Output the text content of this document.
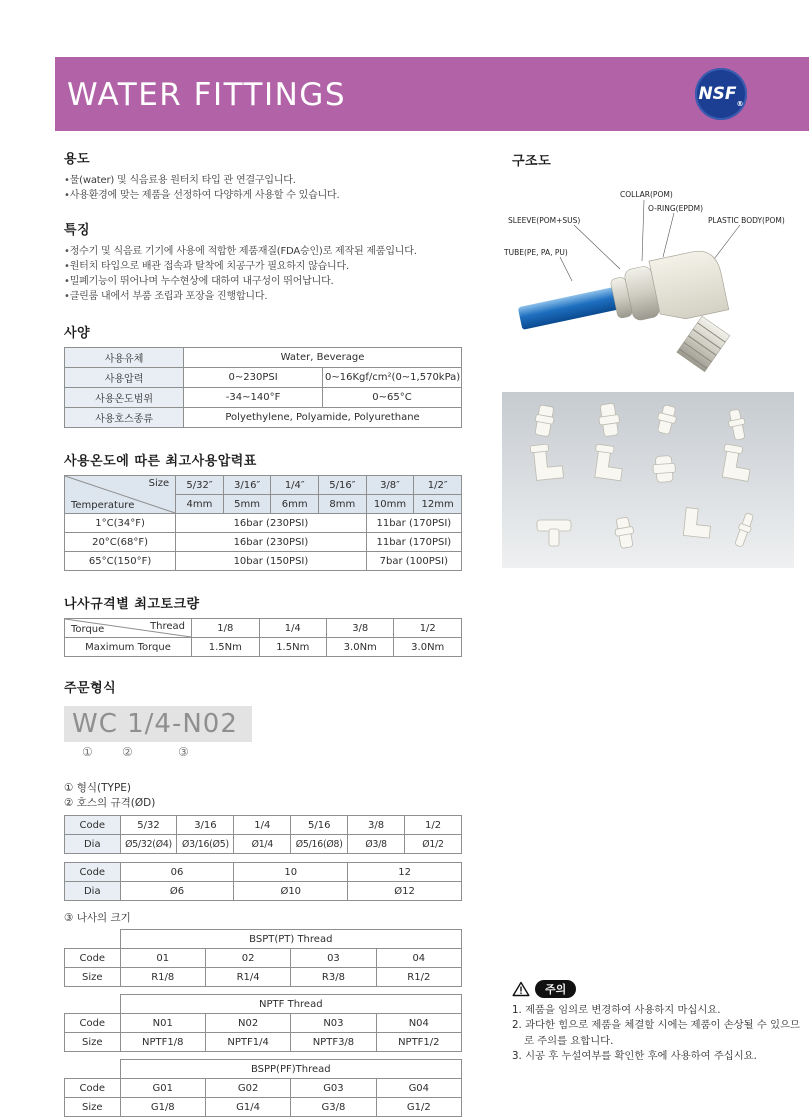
WATER FITTINGS	NSF ®
용도
• 물(water) 및 식음료용 원터치 타입 관 연결구입니다.
• 사용환경에 맞는 제품을 선정하여 다양하게 사용할 수 있습니다.
특징
• 정수기 및 식음료 기기에 사용에 적합한 제품재질(FDA승인)로 제작된 제품입니다.
• 원터치 타입으로 배관 접속과 탈착에 치공구가 필요하지 않습니다.
• 밀폐기능이 뛰어나며 누수현상에 대하여 내구성이 뛰어납니다.
• 클린룸 내에서 부품 조립과 포장을 진행합니다.
사양
사용유체	Water, Beverage	
사용압력	0~230PSI	0~16Kgf/cm²(0~1,570kPa)
사용온도범위	-34~140°F	0~65°C
사용호스종류	Polyethylene, Polyamide, Polyurethane	
사용온도에 따른 최고사용압력표
Size
Temperature	5/32″	3/16″	1/4″	5/16″	3/8″	1/2″
	4mm	5mm	6mm	8mm	10mm	12mm
1°C(34°F)	16bar (230PSI)				11bar (170PSI)	
20°C(68°F)	16bar (230PSI)				11bar (170PSI)	
65°C(150°F)	10bar (150PSI)				7bar (100PSI)	
나사규격별 최고토크량
Thread
Torque	1/8	1/4	3/8	1/2
Maximum Torque	1.5Nm	1.5Nm	3.0Nm	3.0Nm
주문형식
WC 1/4-N02
① ②	③
① 형식(TYPE)
② 호스의 규격(ØD)
Code	5/32	3/16	1/4	5/16	3/8	1/2
Dia	Ø5/32(Ø4)	Ø3/16(Ø5)	Ø1/4	Ø5/16(Ø8)	Ø3/8	Ø1/2
Code	06	10	12
Dia	Ø6	Ø10	Ø12
③ 나사의 크기
	BSPT(PT) Thread			
Code	01	02	03	04
Size	R1/8	R1/4	R3/8	R1/2
	NPTF Thread			
Code	N01	N02	N03	N04
Size	NPTF1/8	NPTF1/4	NPTF3/8	NPTF1/2
	BSPP(PF)Thread			
Code	G01	G02	G03	G04
Size	G1/8	G1/4	G3/8	G1/2
구조도
COLLAR(POM)
O-RING(EPDM)
SLEEVE(POM+SUS)	PLASTIC BODY(POM)
TUBE(PE, PA, PU)
주의
1. 제품을 임의로 변경하여 사용하지 마십시요.
2. 과다한 힘으로 제품을 체결할 시에는 제품이 손상될 수 있으므로 주의를 요합니다.
3. 시공 후 누설여부를 확인한 후에 사용하여 주십시요.
